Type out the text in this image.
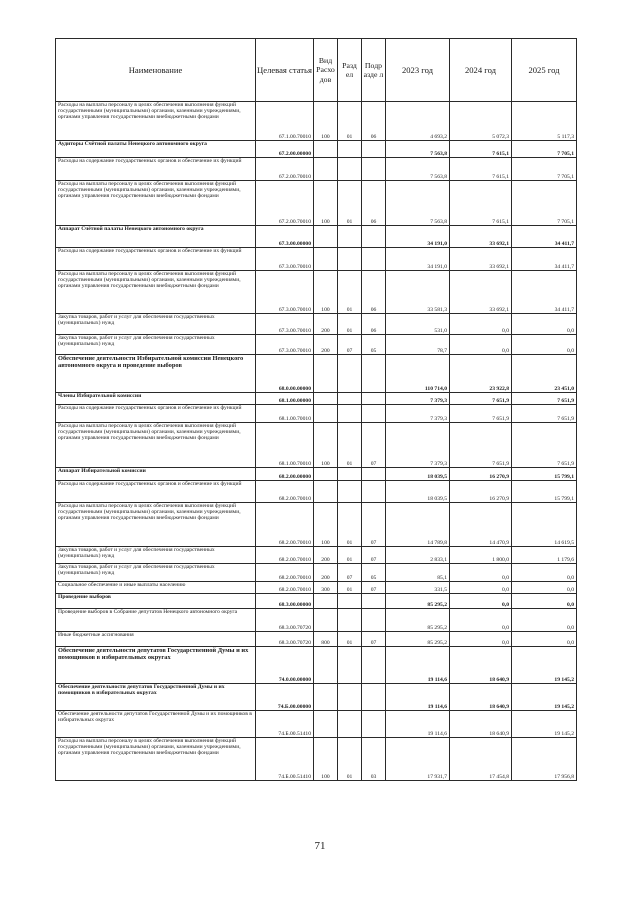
Наименование	Целевая статья	Вид Расхо дов	Разд ел	Подр азде л	2023 год	2024 год	2025 год
Расходы на выплаты персоналу в целях обеспечения выполнения функций государственными (муниципальными) органами, казенными учреждениями, органами управления государственными внебюджетными фондами	67.1.00.70010	100	01	06	4 693,2	5 072,3	5 117,3
Аудиторы Счётной палаты Ненецкого автономного округа	67.2.00.00000				7 563,8	7 615,1	7 705,1
Расходы на содержание государственных органов и обеспечение их функций	67.2.00.70010				7 563,8	7 615,1	7 705,1
Расходы на выплаты персоналу в целях обеспечения выполнения функций государственными (муниципальными) органами, казенными учреждениями, органами управления государственными внебюджетными фондами	67.2.00.70010	100	01	06	7 563,8	7 615,1	7 705,1
Аппарат Счётной палаты Ненецкого автономного округа	67.3.00.00000				34 191,0	33 692,1	34 411,7
Расходы на содержание государственных органов и обеспечение их функций	67.3.00.70010				34 191,0	33 692,1	34 411,7
Расходы на выплаты персоналу в целях обеспечения выполнения функций государственными (муниципальными) органами, казенными учреждениями, органами управления государственными внебюджетными фондами	67.3.00.70010	100	01	06	33 581,3	33 692,1	34 411,7
Закупка товаров, работ и услуг для обеспечения государственных (муниципальных) нужд	67.3.00.70010	200	01	06	531,0	0,0	0,0
Закупка товаров, работ и услуг для обеспечения государственных (муниципальных) нужд	67.3.00.70010	200	07	05	78,7	0,0	0,0
Обеспечение деятельности Избирательной комиссии Ненецкого автономного округа и проведение выборов	68.0.00.00000				110 714,0	23 922,8	23 451,0
Члены Избирательной комиссии	68.1.00.00000				7 379,3	7 651,9	7 651,9
Расходы на содержание государственных органов и обеспечение их функций	68.1.00.70010				7 379,3	7 651,9	7 651,9
Расходы на выплаты персоналу в целях обеспечения выполнения функций государственными (муниципальными) органами, казенными учреждениями, органами управления государственными внебюджетными фондами	68.1.00.70010	100	01	07	7 379,3	7 651,9	7 651,9
Аппарат Избирательной комиссии	68.2.00.00000				18 039,5	16 270,9	15 799,1
Расходы на содержание государственных органов и обеспечение их функций	68.2.00.70010				18 039,5	16 270,9	15 799,1
Расходы на выплаты персоналу в целях обеспечения выполнения функций государственными (муниципальными) органами, казенными учреждениями, органами управления государственными внебюджетными фондами	68.2.00.70010	100	01	07	14 789,8	14 470,9	14 619,5
Закупка товаров, работ и услуг для обеспечения государственных (муниципальных) нужд	68.2.00.70010	200	01	07	2 833,1	1 800,0	1 179,6
Закупка товаров, работ и услуг для обеспечения государственных (муниципальных) нужд	68.2.00.70010	200	07	05	85,1	0,0	0,0
Социальное обеспечение и иные выплаты населению	68.2.00.70010	300	01	07	331,5	0,0	0,0
Проведение выборов	68.3.00.00000				85 295,2	0,0	0,0
Проведение выборов в Собрание депутатов Ненецкого автономного округа	68.3.00.70720				85 295,2	0,0	0,0
Иные бюджетные ассигнования	68.3.00.70720	800	01	07	85 295,2	0,0	0,0
Обеспечение деятельности депутатов Государственной Думы и их помощников в избирательных округах	74.0.00.00000				19 114,6	18 640,9	19 145,2
Обеспечение деятельности депутатов Государственной Думы и их помощников в избирательных округах	74.Б.00.00000				19 114,6	18 640,9	19 145,2
Обеспечение деятельности депутатов Государственной Думы и их помощников в избирательных округах	74.Б.00.51410				19 114,6	18 640,9	19 145,2
Расходы на выплаты персоналу в целях обеспечения выполнения функций государственными (муниципальными) органами, казенными учреждениями, органами управления государственными внебюджетными фондами	74.Б.00.51410	100	01	03	17 931,7	17 454,8	17 956,8
71
